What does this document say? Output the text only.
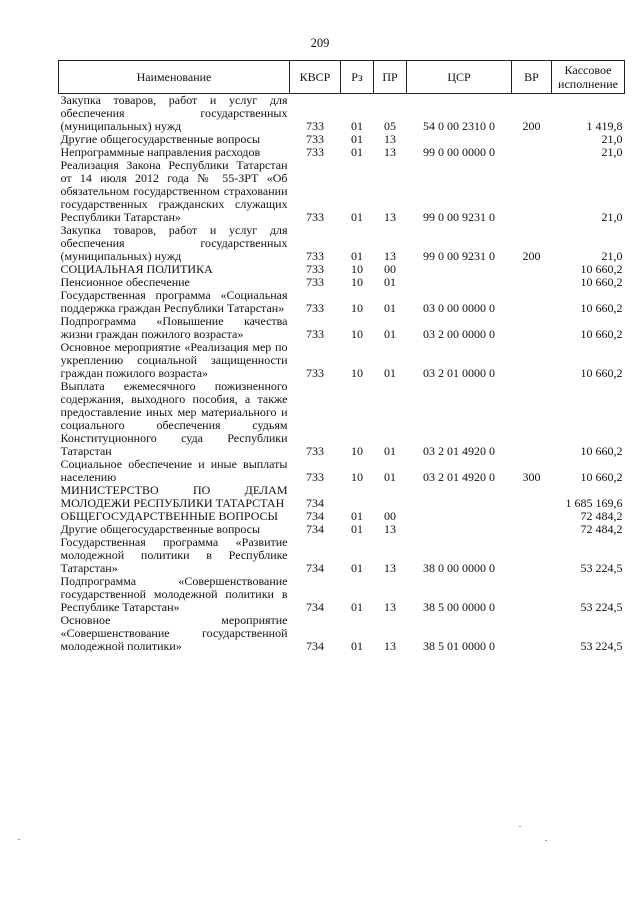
209
Наименование	КВСР	Рз	ПР	ЦСР	ВР	Кассовое исполнение
Закупка товаров, работ и услуг для обеспечения государственных (муниципальных) нужд	733	01	05	54 0 00 2310 0	200	1 419,8
Другие общегосударственные вопросы	733	01	13			21,0
Непрограммные направления расходов	733	01	13	99 0 00 0000 0		21,0
Реализация Закона Республики Татарстан от 14 июля 2012 года № 55-ЗРТ «Об обязательном государственном страховании государственных гражданских служащих Республики Татарстан»	733	01	13	99 0 00 9231 0		21,0
Закупка товаров, работ и услуг для обеспечения государственных (муниципальных) нужд	733	01	13	99 0 00 9231 0	200	21,0
СОЦИАЛЬНАЯ ПОЛИТИКА	733	10	00			10 660,2
Пенсионное обеспечение	733	10	01			10 660,2
Государственная программа «Социальная поддержка граждан Республики Татарстан»	733	10	01	03 0 00 0000 0		10 660,2
Подпрограмма «Повышение качества жизни граждан пожилого возраста»	733	10	01	03 2 00 0000 0		10 660,2
Основное мероприятие «Реализация мер по укреплению социальной защищенности граждан пожилого возраста»	733	10	01	03 2 01 0000 0		10 660,2
Выплата ежемесячного пожизненного содержания, выходного пособия, а также предоставление иных мер материального и социального обеспечения судьям Конституционного суда Республики Татарстан	733	10	01	03 2 01 4920 0		10 660,2
Социальное обеспечение и иные выплаты населению	733	10	01	03 2 01 4920 0	300	10 660,2
МИНИСТЕРСТВО ПО ДЕЛАМ МОЛОДЕЖИ РЕСПУБЛИКИ ТАТАРСТАН	734					1 685 169,6
ОБЩЕГОСУДАРСТВЕННЫЕ ВОПРОСЫ	734	01	00			72 484,2
Другие общегосударственные вопросы	734	01	13			72 484,2
Государственная программа «Развитие молодежной политики в Республике Татарстан»	734	01	13	38 0 00 0000 0		53 224,5
Подпрограмма «Совершенствование государственной молодежной политики в Республике Татарстан»	734	01	13	38 5 00 0000 0		53 224,5
Основное мероприятие «Совершенствование государственной молодежной политики»	734	01	13	38 5 01 0000 0		53 224,5
